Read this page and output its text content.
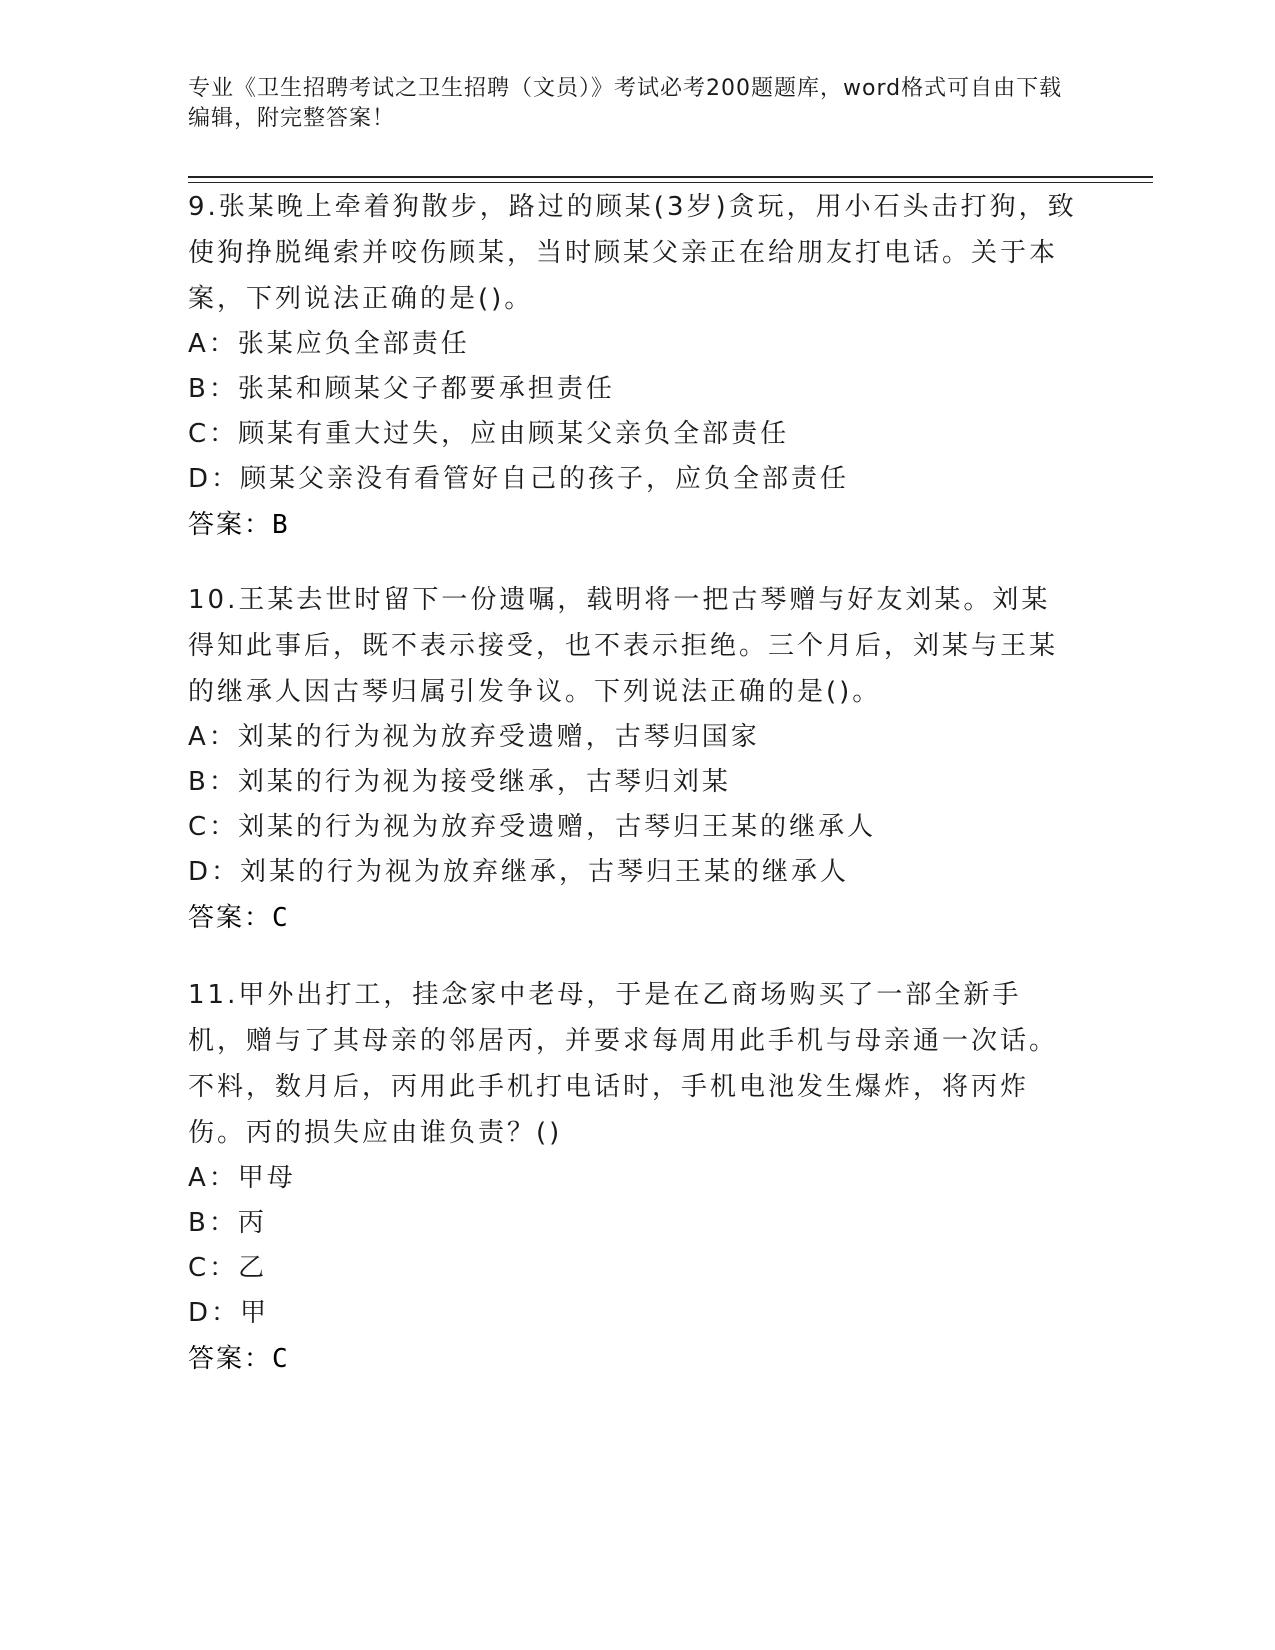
专业《卫生招聘考试之卫生招聘（文员）》考试必考200题题库，word格式可自由下载编辑，附完整答案！

9.张某晚上牵着狗散步，路过的顾某(3岁)贪玩，用小石头击打狗，致使狗挣脱绳索并咬伤顾某，当时顾某父亲正在给朋友打电话。关于本案，下列说法正确的是()。

A：张某应负全部责任

B：张某和顾某父子都要承担责任

C：顾某有重大过失，应由顾某父亲负全部责任

D：顾某父亲没有看管好自己的孩子，应负全部责任

答案：B

10.王某去世时留下一份遗嘱，载明将一把古琴赠与好友刘某。刘某得知此事后，既不表示接受，也不表示拒绝。三个月后，刘某与王某的继承人因古琴归属引发争议。下列说法正确的是()。

A：刘某的行为视为放弃受遗赠，古琴归国家

B：刘某的行为视为接受继承，古琴归刘某

C：刘某的行为视为放弃受遗赠，古琴归王某的继承人

D：刘某的行为视为放弃继承，古琴归王某的继承人

答案：C

11.甲外出打工，挂念家中老母，于是在乙商场购买了一部全新手机，赠与了其母亲的邻居丙，并要求每周用此手机与母亲通一次话。不料，数月后，丙用此手机打电话时，手机电池发生爆炸，将丙炸伤。丙的损失应由谁负责？()

A：甲母

B：丙

C：乙

D：甲

答案：C
